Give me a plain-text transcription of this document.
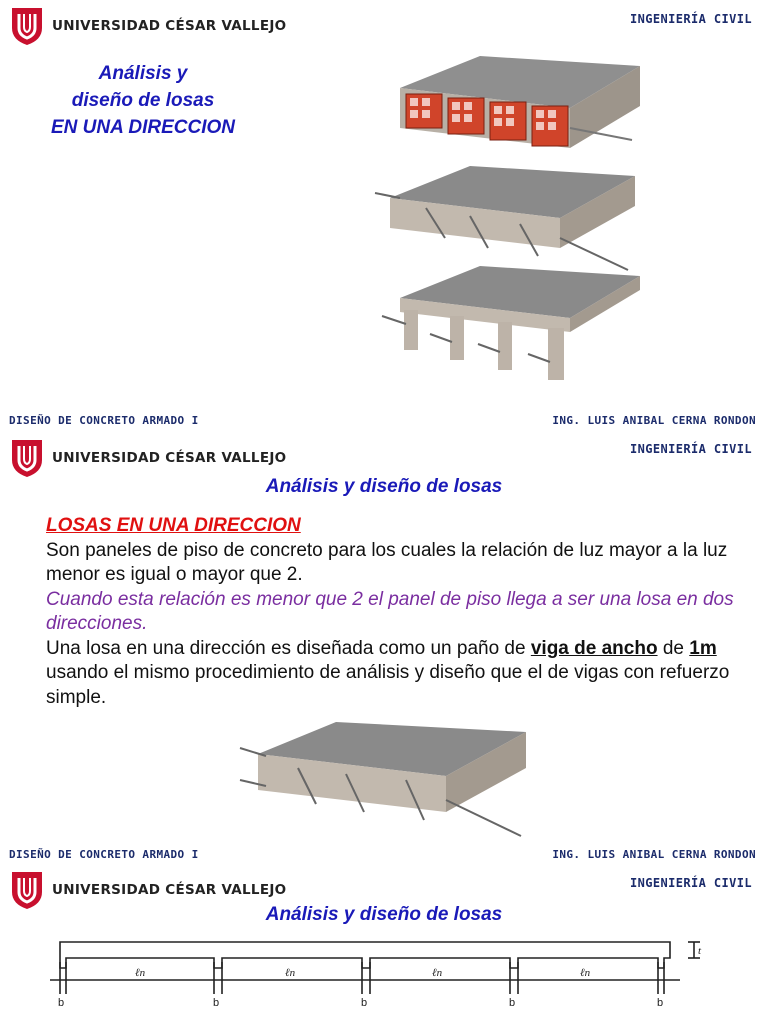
UNIVERSIDAD CÉSAR VALLEJO	INGENIERÍA CIVIL
Análisis y
diseño de losas
EN UNA DIRECCION
DISEÑO DE CONCRETO ARMADO I	ING. LUIS ANIBAL CERNA RONDON
UNIVERSIDAD CÉSAR VALLEJO
INGENIERÍA CIVIL
Análisis y diseño de losas
LOSAS EN UNA DIRECCION
Son paneles de piso de concreto para los cuales la relación de luz mayor a la luz menor es igual o mayor que 2.
Cuando esta relación es menor que 2 el panel de piso llega a ser una losa en dos direcciones.
Una losa en una dirección es diseñada como un paño de viga de ancho de 1m usando el mismo procedimiento de análisis y diseño que el de vigas con refuerzo simple.
DISEÑO DE CONCRETO ARMADO I	ING. LUIS ANIBAL CERNA RONDON
UNIVERSIDAD CÉSAR VALLEJO	INGENIERÍA CIVIL
Análisis y diseño de losas
ℓn	ℓn	ℓn	ℓn
t
b	b	b	b	b
